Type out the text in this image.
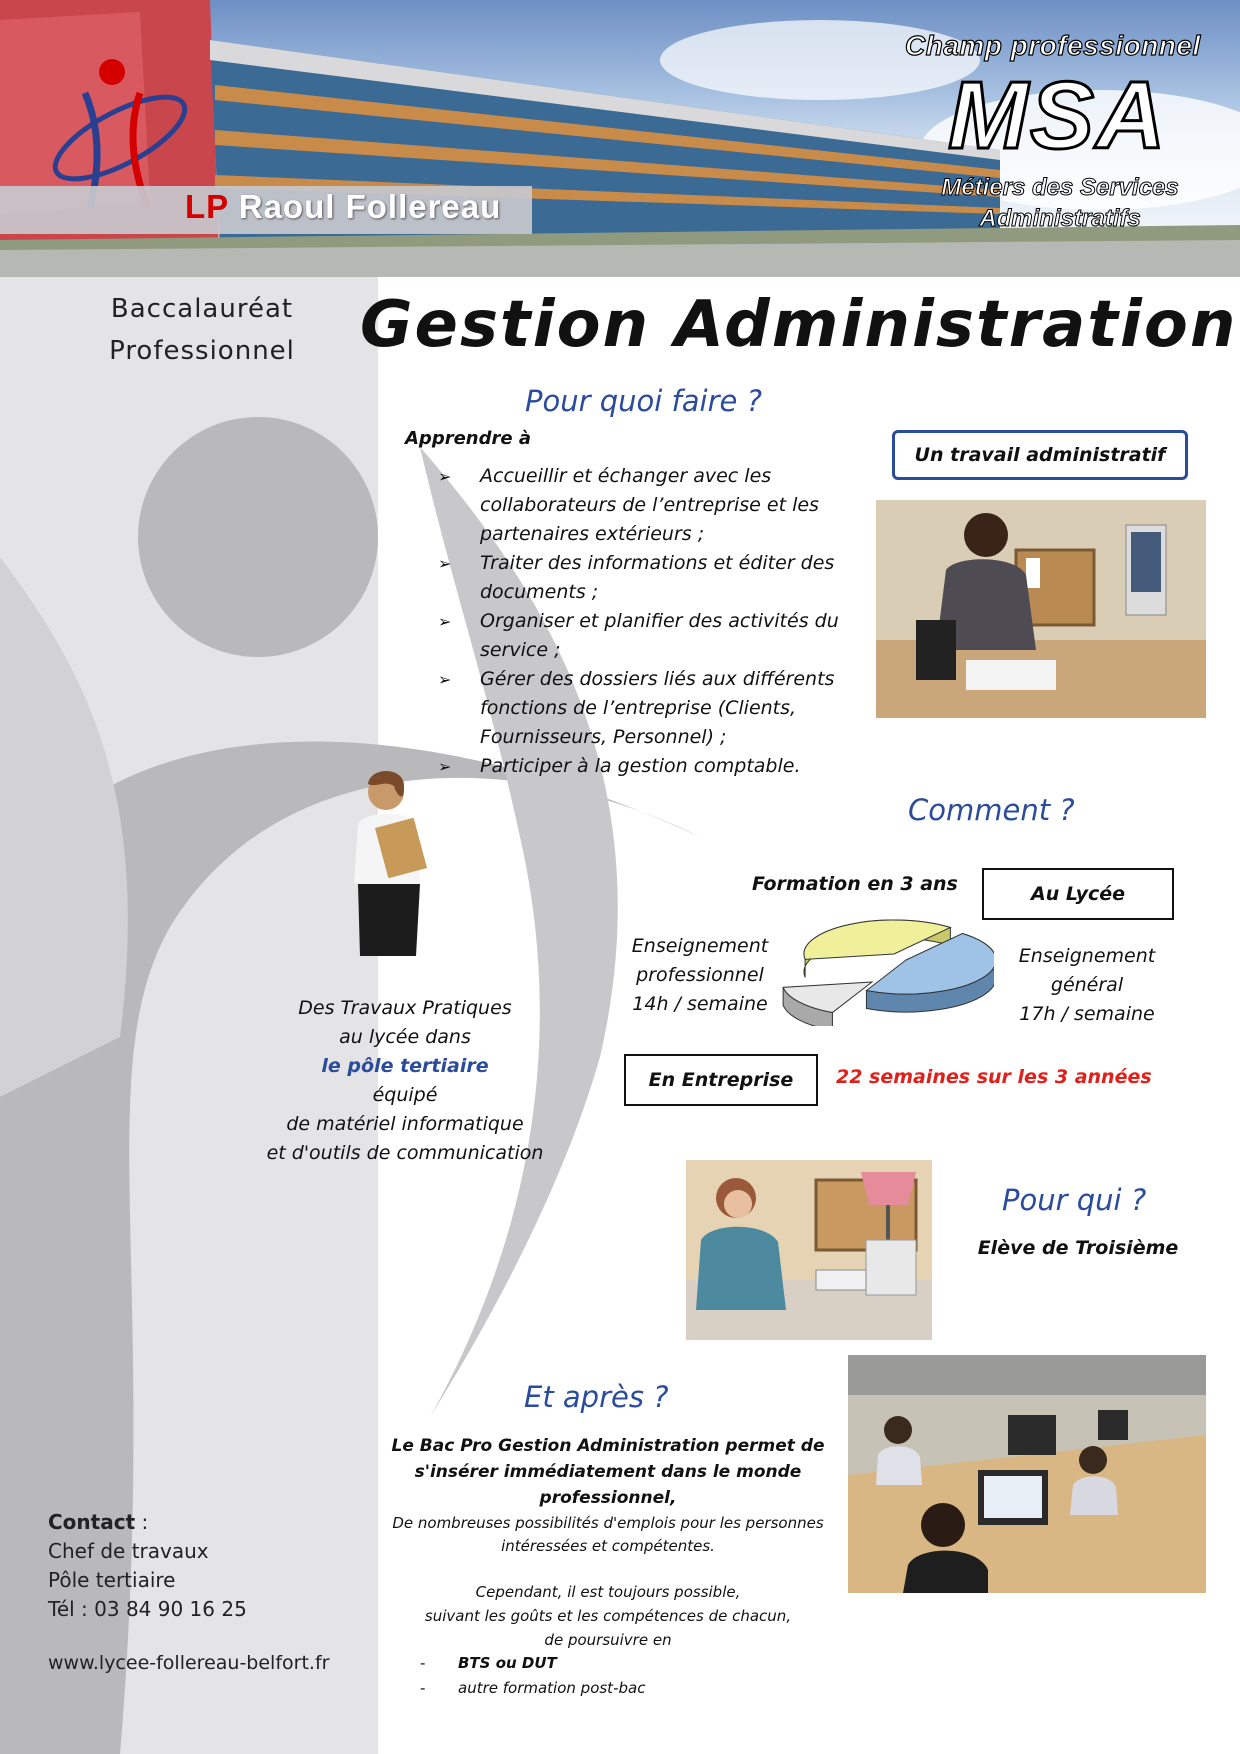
LP Raoul Follereau
Champ professionnel
MSA
Métiers des Services
Administratifs
Baccalauréat
Professionnel Gestion Administration
Pour quoi faire ?
Apprendre à
➢ Accueillir et échanger avec les collaborateurs de l’entreprise et les partenaires extérieurs ;
➢ Traiter des informations et éditer des documents ;
➢ Organiser et planifier des activités du service ;
➢ Gérer des dossiers liés aux différents fonctions de l’entreprise (Clients, Fournisseurs, Personnel) ;
➢ Participer à la gestion comptable.
Un travail administratif
Comment ?
Formation en 3 ans	Au Lycée
Enseignement
professionnel
14h / semaine
Enseignement
général
17h / semaine
En Entreprise	22 semaines sur les 3 années
Des Travaux Pratiques
au lycée dans
le pôle tertiaire
équipé
de matériel informatique
et d'outils de communication
Pour qui ?
Elève de Troisième
Et après ?
Le Bac Pro Gestion Administration permet de
s'insérer immédiatement dans le monde
professionnel,
De nombreuses possibilités d'emplois pour les personnes
intéressées et compétentes.
Cependant, il est toujours possible,
suivant les goûts et les compétences de chacun,
de poursuivre en
- BTS ou DUT
- autre formation post-bac
Contact :
Chef de travaux
Pôle tertiaire
Tél : 03 84 90 16 25
www.lycee-follereau-belfort.fr
